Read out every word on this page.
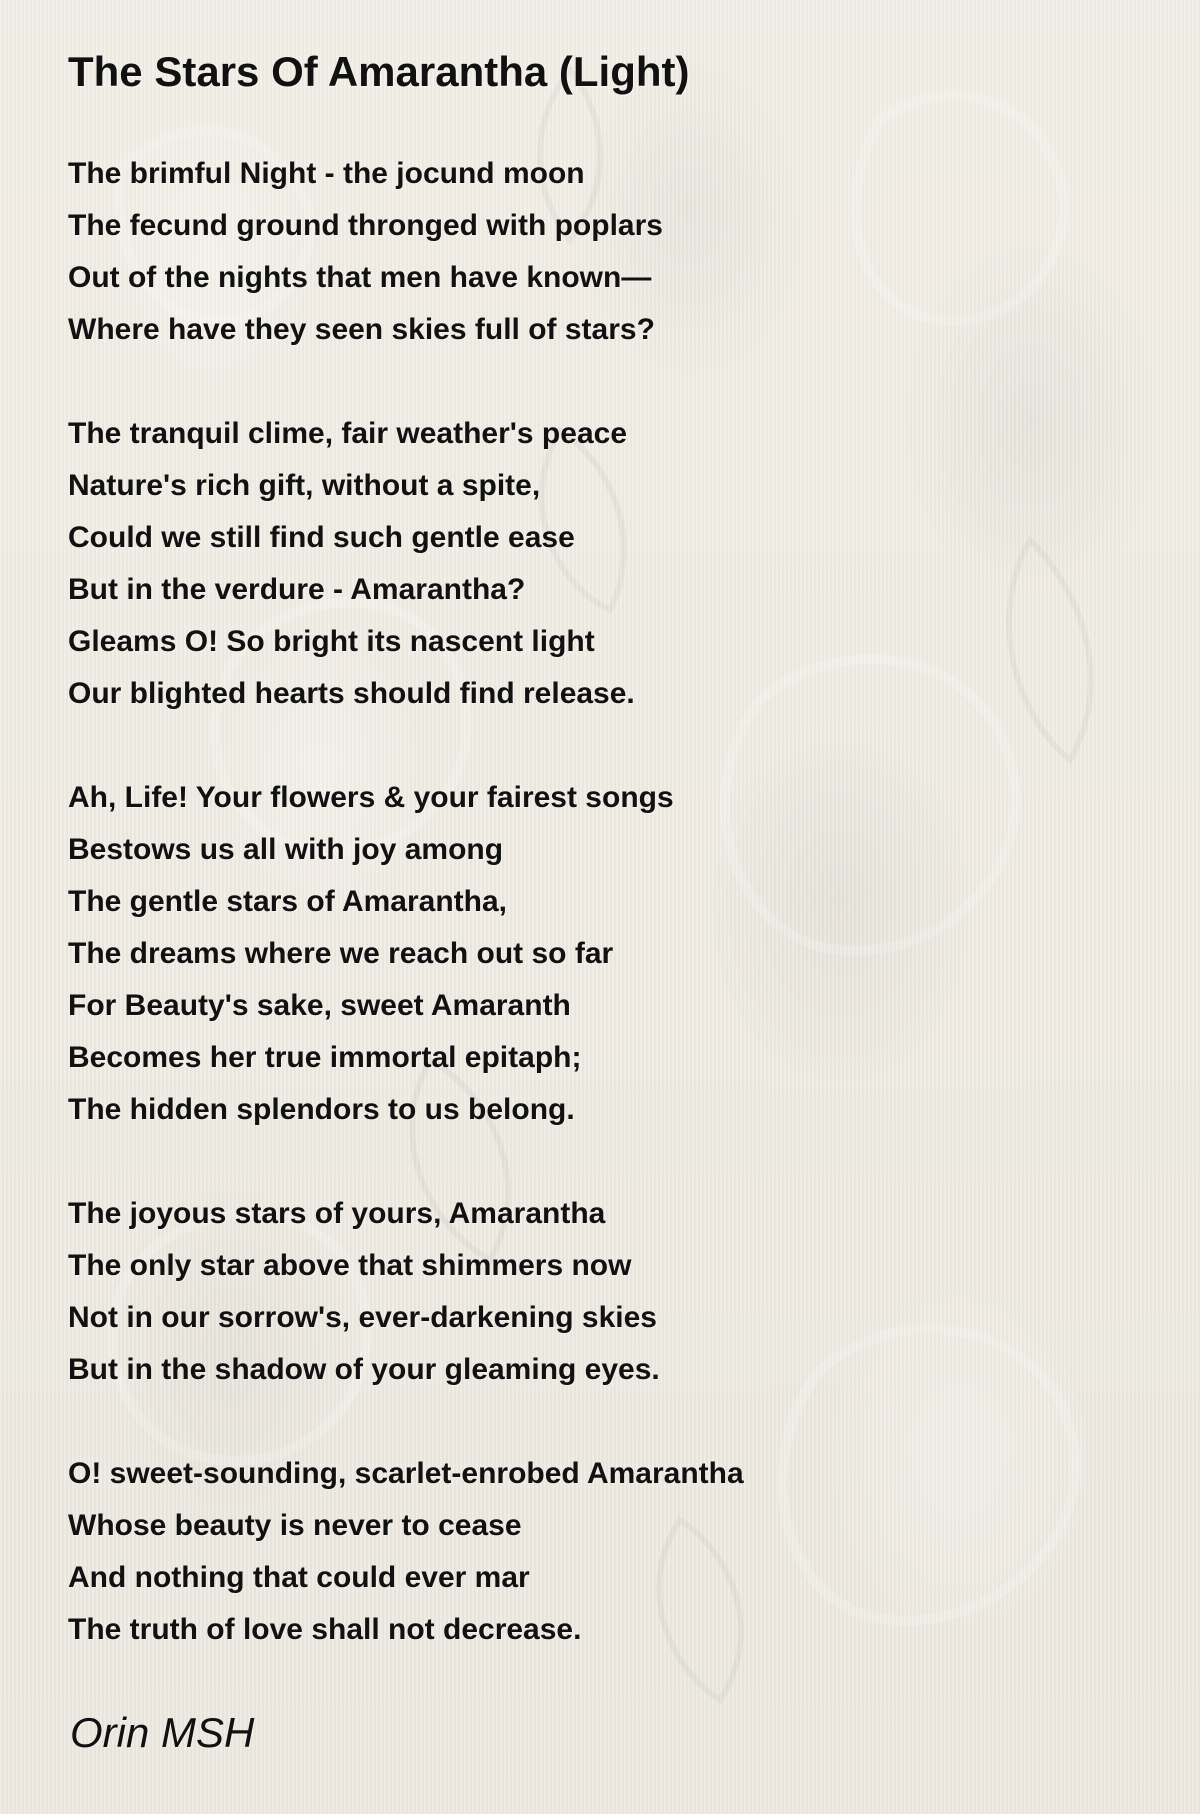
The Stars Of Amarantha (Light)
The brimful Night - the jocund moon
The fecund ground thronged with poplars
Out of the nights that men have known—
Where have they seen skies full of stars?
The tranquil clime, fair weather's peace
Nature's rich gift, without a spite,
Could we still find such gentle ease
But in the verdure - Amarantha?
Gleams O! So bright its nascent light
Our blighted hearts should find release.
Ah, Life! Your flowers & your fairest songs
Bestows us all with joy among
The gentle stars of Amarantha,
The dreams where we reach out so far
For Beauty's sake, sweet Amaranth
Becomes her true immortal epitaph;
The hidden splendors to us belong.
The joyous stars of yours, Amarantha
The only star above that shimmers now
Not in our sorrow's, ever-darkening skies
But in the shadow of your gleaming eyes.
O! sweet-sounding, scarlet-enrobed Amarantha
Whose beauty is never to cease
And nothing that could ever mar
The truth of love shall not decrease.

Orin MSH
